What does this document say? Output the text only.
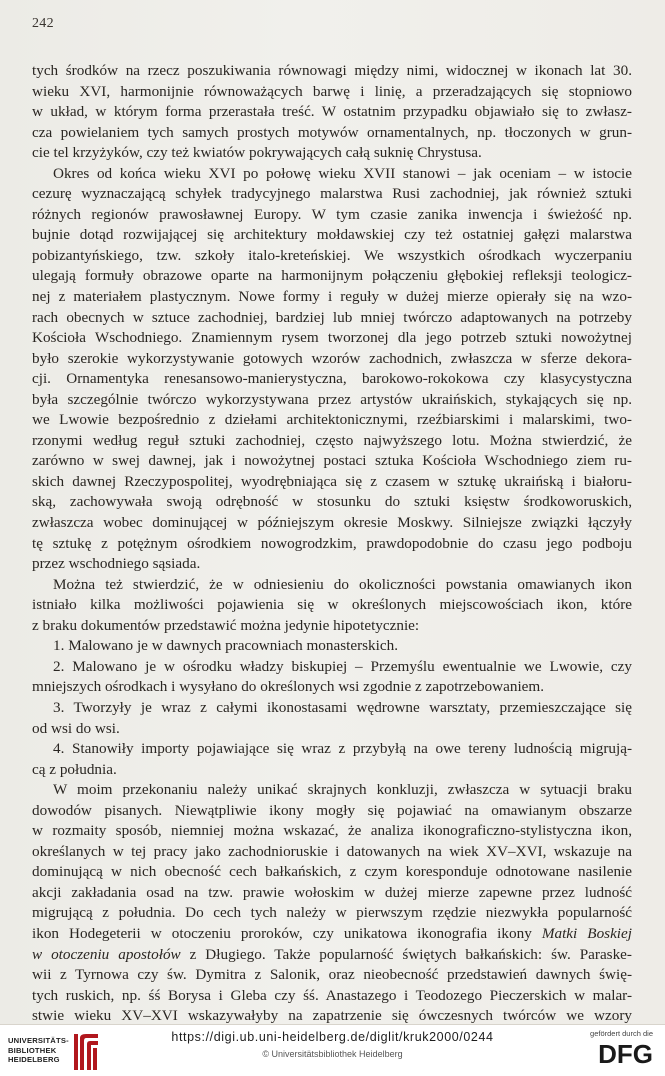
242
tych środków na rzecz poszukiwania równowagi między nimi, widocznej w ikonach lat 30.
wieku XVI, harmonijnie równoważących barwę i linię, a przeradzających się stopniowo
w układ, w którym forma przerastała treść. W ostatnim przypadku objawiało się to zwłasz-
cza powielaniem tych samych prostych motywów ornamentalnych, np. tłoczonych w grun-
cie tel krzyżyków, czy też kwiatów pokrywających całą suknię Chrystusa.
Okres od końca wieku XVI po połowę wieku XVII stanowi – jak oceniam – w istocie
cezurę wyznaczającą schyłek tradycyjnego malarstwa Rusi zachodniej, jak również sztuki
różnych regionów prawosławnej Europy. W tym czasie zanika inwencja i świeżość np.
bujnie dotąd rozwijającej się architektury mołdawskiej czy też ostatniej gałęzi malarstwa
pobizantyńskiego, tzw. szkoły italo-kreteńskiej. We wszystkich ośrodkach wyczerpaniu
ulegają formuły obrazowe oparte na harmonijnym połączeniu głębokiej refleksji teologicz-
nej z materiałem plastycznym. Nowe formy i reguły w dużej mierze opierały się na wzo-
rach obecnych w sztuce zachodniej, bardziej lub mniej twórczo adaptowanych na potrzeby
Kościoła Wschodniego. Znamiennym rysem tworzonej dla jego potrzeb sztuki nowożytnej
było szerokie wykorzystywanie gotowych wzorów zachodnich, zwłaszcza w sferze dekora-
cji. Ornamentyka renesansowo-manierystyczna, barokowo-rokokowa czy klasycystyczna
była szczególnie twórczo wykorzystywana przez artystów ukraińskich, stykających się np.
we Lwowie bezpośrednio z dziełami architektonicznymi, rzeźbiarskimi i malarskimi, two-
rzonymi według reguł sztuki zachodniej, często najwyższego lotu. Można stwierdzić, że
zarówno w swej dawnej, jak i nowożytnej postaci sztuka Kościoła Wschodniego ziem ru-
skich dawnej Rzeczypospolitej, wyodrębniająca się z czasem w sztukę ukraińską i białoru-
ską, zachowywała swoją odrębność w stosunku do sztuki księstw środkoworuskich,
zwłaszcza wobec dominującej w późniejszym okresie Moskwy. Silniejsze związki łączyły
tę sztukę z potężnym ośrodkiem nowogrodzkim, prawdopodobnie do czasu jego podboju
przez wschodniego sąsiada.
Można też stwierdzić, że w odniesieniu do okoliczności powstania omawianych ikon
istniało kilka możliwości pojawienia się w określonych miejscowościach ikon, które
z braku dokumentów przedstawić można jedynie hipotetycznie:
1. Malowano je w dawnych pracowniach monasterskich.
2. Malowano je w ośrodku władzy biskupiej – Przemyślu ewentualnie we Lwowie, czy
mniejszych ośrodkach i wysyłano do określonych wsi zgodnie z zapotrzebowaniem.
3. Tworzyły je wraz z całymi ikonostasami wędrowne warsztaty, przemieszczające się
od wsi do wsi.
4. Stanowiły importy pojawiające się wraz z przybyłą na owe tereny ludnością migrują-
cą z południa.
W moim przekonaniu należy unikać skrajnych konkluzji, zwłaszcza w sytuacji braku
dowodów pisanych. Niewątpliwie ikony mogły się pojawiać na omawianym obszarze
w rozmaity sposób, niemniej można wskazać, że analiza ikonograficzno-stylistyczna ikon,
określanych w tej pracy jako zachodnioruskie i datowanych na wiek XV–XVI, wskazuje na
dominującą w nich obecność cech bałkańskich, z czym koresponduje odnotowane nasilenie
akcji zakładania osad na tzw. prawie wołoskim w dużej mierze zapewne przez ludność
migrującą z południa. Do cech tych należy w pierwszym rzędzie niezwykła popularność
ikon Hodegeterii w otoczeniu proroków, czy unikatowa ikonografia ikony Matki Boskiej
w otoczeniu apostołów z Długiego. Także popularność świętych bałkańskich: św. Paraske-
wii z Tyrnowa czy św. Dymitra z Salonik, oraz nieobecność przedstawień dawnych świę-
tych ruskich, np. śś Borysa i Gleba czy śś. Anastazego i Teodozego Pieczerskich w malar-
stwie wieku XV–XVI wskazywałyby na zapatrzenie się ówczesnych twórców we wzory
UNIVERSITÄTS-
BIBLIOTHEK
HEIDELBERG
https://digi.ub.uni-heidelberg.de/diglit/kruk2000/0244
© Universitätsbibliothek Heidelberg
gefördert durch die
DFG
